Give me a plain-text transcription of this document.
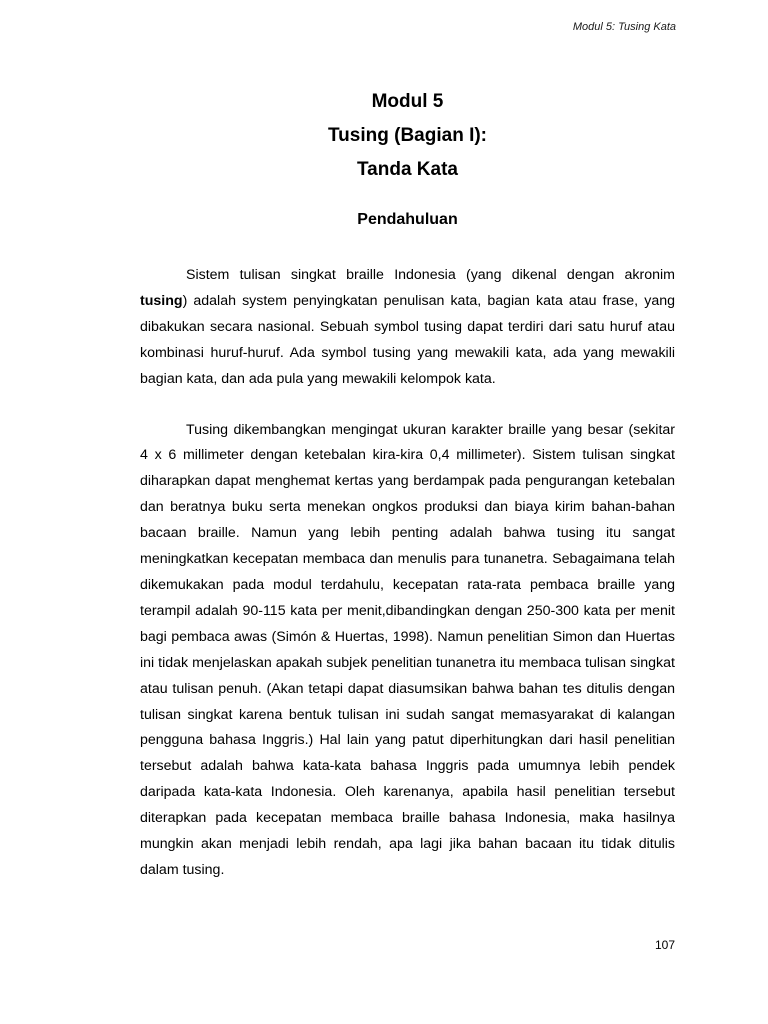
Modul 5: Tusing Kata
Modul 5
Tusing (Bagian I):
Tanda Kata
Pendahuluan

Sistem tulisan singkat braille Indonesia (yang dikenal dengan akronim tusing) adalah system penyingkatan penulisan kata, bagian kata atau frase, yang dibakukan secara nasional. Sebuah symbol tusing dapat terdiri dari satu huruf atau kombinasi huruf-huruf. Ada symbol tusing yang mewakili kata, ada yang mewakili bagian kata, dan ada pula yang mewakili kelompok kata.

Tusing dikembangkan mengingat ukuran karakter braille yang besar (sekitar 4 x 6 millimeter dengan ketebalan kira-kira 0,4 millimeter). Sistem tulisan singkat diharapkan dapat menghemat kertas yang berdampak pada pengurangan ketebalan dan beratnya buku serta menekan ongkos produksi dan biaya kirim bahan-bahan bacaan braille. Namun yang lebih penting adalah bahwa tusing itu sangat meningkatkan kecepatan membaca dan menulis para tunanetra. Sebagaimana telah dikemukakan pada modul terdahulu, kecepatan rata-rata pembaca braille yang terampil adalah 90-115 kata per menit,dibandingkan dengan 250-300 kata per menit bagi pembaca awas (Simón & Huertas, 1998). Namun penelitian Simon dan Huertas ini tidak menjelaskan apakah subjek penelitian tunanetra itu membaca tulisan singkat atau tulisan penuh. (Akan tetapi dapat diasumsikan bahwa bahan tes ditulis dengan tulisan singkat karena bentuk tulisan ini sudah sangat memasyarakat di kalangan pengguna bahasa Inggris.) Hal lain yang patut diperhitungkan dari hasil penelitian tersebut adalah bahwa kata-kata bahasa Inggris pada umumnya lebih pendek daripada kata-kata Indonesia. Oleh karenanya, apabila hasil penelitian tersebut diterapkan pada kecepatan membaca braille bahasa Indonesia, maka hasilnya mungkin akan menjadi lebih rendah, apa lagi jika bahan bacaan itu tidak ditulis dalam tusing.

107
